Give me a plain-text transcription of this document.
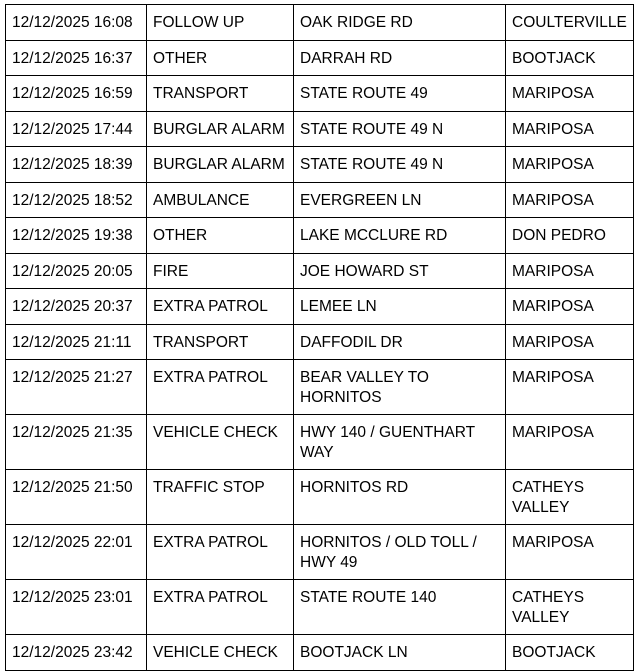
12/12/2025 16:08	FOLLOW UP	OAK RIDGE RD	COULTERVILLE
12/12/2025 16:37	OTHER	DARRAH RD	BOOTJACK
12/12/2025 16:59	TRANSPORT	STATE ROUTE 49	MARIPOSA
12/12/2025 17:44	BURGLAR ALARM	STATE ROUTE 49 N	MARIPOSA
12/12/2025 18:39	BURGLAR ALARM	STATE ROUTE 49 N	MARIPOSA
12/12/2025 18:52	AMBULANCE	EVERGREEN LN	MARIPOSA
12/12/2025 19:38	OTHER	LAKE MCCLURE RD	DON PEDRO
12/12/2025 20:05	FIRE	JOE HOWARD ST	MARIPOSA
12/12/2025 20:37	EXTRA PATROL	LEMEE LN	MARIPOSA
12/12/2025 21:11	TRANSPORT	DAFFODIL DR	MARIPOSA
12/12/2025 21:27	EXTRA PATROL	BEAR VALLEY TO HORNITOS	MARIPOSA
12/12/2025 21:35	VEHICLE CHECK	HWY 140 / GUENTHART WAY	MARIPOSA
12/12/2025 21:50	TRAFFIC STOP	HORNITOS RD	CATHEYS VALLEY
12/12/2025 22:01	EXTRA PATROL	HORNITOS / OLD TOLL / HWY 49	MARIPOSA
12/12/2025 23:01	EXTRA PATROL	STATE ROUTE 140	CATHEYS VALLEY
12/12/2025 23:42	VEHICLE CHECK	BOOTJACK LN	BOOTJACK
